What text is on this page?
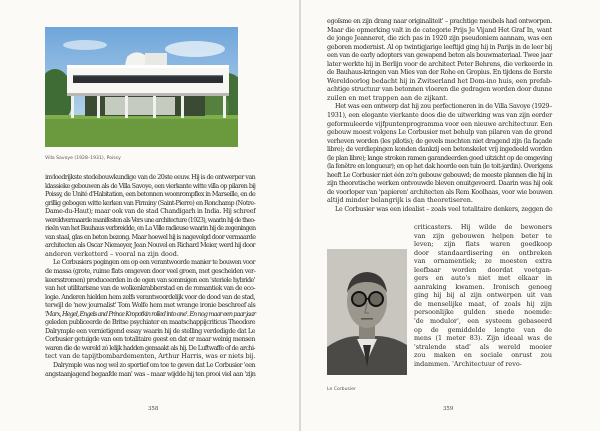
Villa Savoye (1928–1931), Poissy
invloedrijkste stedebouwkundige van de 20ste eeuw. Hij is de ontwerper van
klassieke gebouwen als de Villa Savoye, een vierkante witte villa op pilaren bij
Poissy, de Unité d'Habitation, een betonnen woonrompflex in Marseille, en de
grillig gebogen witte kerken van Firminy (Saint-Pierre) en Ronchamp (Notre-
Dame-du-Haut); maar ook van de stad Chandigarh in India. Hij schreef
wereldvermaarde manifesten als Vers une architecture (1923), waarin hij de theo-
rieën van het Bauhaus verbreidde, en La Ville radieuse waarin hij de zegeningen
van staal, glas en beton bezong. Maar hoewel hij is nagevolgd door vermaarde
architecten als Oscar Niemeyer, Jean Nouvel en Richard Meier, werd hij door
anderen verketterd – vooral na zijn dood.
Le Corbusiers pogingen om op een verantwoorde manier te bouwen voor
de massa (grote, ruime flats omgeven door veel groen, met gescheiden ver-
keersstromen) produceerden in de ogen van sommigen een 'steriele hybride'
van het utilitarisme van de wolkenkrabberstad en de romantiek van de eco-
logie. Anderen hielden hem zelfs verantwoordelijk voor de dood van de stad,
terwijl de 'new journalist' Tom Wolfe hem met wrange ironie beschreef als
'Marx, Hegel, Engels and Prince Kropotkin rolled into one'. En nog maar een paar jaar
geleden publiceerde de Britse psychiater en maatschappijcriticus Theodore
Dalrymple een vernietigend essay waarin hij de stelling verdedigde dat Le
Corbusier getuigde van een totalitaire geest en dat er maar weinig mensen
waren die de wereld zó lelijk hadden gemaakt als hij. De Luftwaffe of de archi-
tect van de tapijtbombardementen, Arthur Harris, was er niets bij.
Dalrymple was nog wel zo sportief om toe te geven dat Le Corbusier 'een
angstaanjagend begaafde man' was – maar wijdde hij ten prooi viel aan 'zijn
358
egoïsme en zijn drang naar originaliteit' – prachtige meubels had ontworpen.
Maar die opmerking valt in de categorie Prijs Je Vijand Het Graf In, want
de jonge Jeanneret, die zich pas in 1920 zijn pseudoniem aannam, was een
geboren modernist. Al op twintigjarige leeftijd ging hij in Parijs in de leer bij
een van de early adopters van gewapend beton als bouwmateriaal. Twee jaar
later werkte hij in Berlijn voor de architect Peter Behrens, die verkeerde in
de Bauhaus-kringen van Mies van der Rohe en Gropius. En tijdens de Eerste
Wereldoorlog bedacht hij in Zwitserland het Dom-ino huis, een prefab-
achtige structuur van betonnen vloeren die gedragen worden door dunne
zuilen en met trappen aan de zijkant.
Het was een ontwerp dat hij zou perfectioneren in de Villa Savoye (1929–
1931), een elegante vierkante doos die de uitwerking was van zijn eerder
geformuleerde vijfpuntenprogramma voor een nieuwe architectuur. Een
gebouw moest volgens Le Corbusier met behulp van pilaren van de grond
verheven worden (les pilotis); de gevels mochten niet dragend zijn (la façade
libre); de verdiepingen konden dankzij een betonskelet vrij ingedeeld worden
(le plan libre); lange stroken ramen garandeerden goed uitzicht op de omgeving
(la fenêtre en longueur); en op het dak hoorde een tuin (le toit-jardin). Overigens
heeft Le Corbusier niet één zo'n gebouw gebouwd; de meeste plannen die hij in
zijn theoretische werken ontvouwde bleven onuitgevoerd. Daarin was hij ook
de voorloper van 'papieren' architecten als Rem Koolhaas, voor wie bouwen
altijd minder belangrijk is dan theoretiseren.
Le Corbusier was een idealist – zoals veel totalitaire denkers, zeggen de
Le Corbusier
criticasters. Hij wilde de bewoners
van zijn gebouwen helpen beter te
leven; zijn flats waren goedkoop
door standaardisering en ontbreken
van ornamentiek; ze moesten extra
leefbaar worden doordat voetgan-
gers en auto's niet met elkaar in
aanraking kwamen. Ironisch genoeg
ging hij bij al zijn ontwerpen uit van
de menselijke maat, of zoals hij zijn
persoonlijke gulden snede noemde:
'de modulor', een systeem gebaseerd
op de gemiddelde lengte van de
mens (1 meter 83). Zijn ideaal was de
'stralende stad' als wereld mooier
zou maken en sociale onrust zou
indammen. 'Architectuur of revo-
359
